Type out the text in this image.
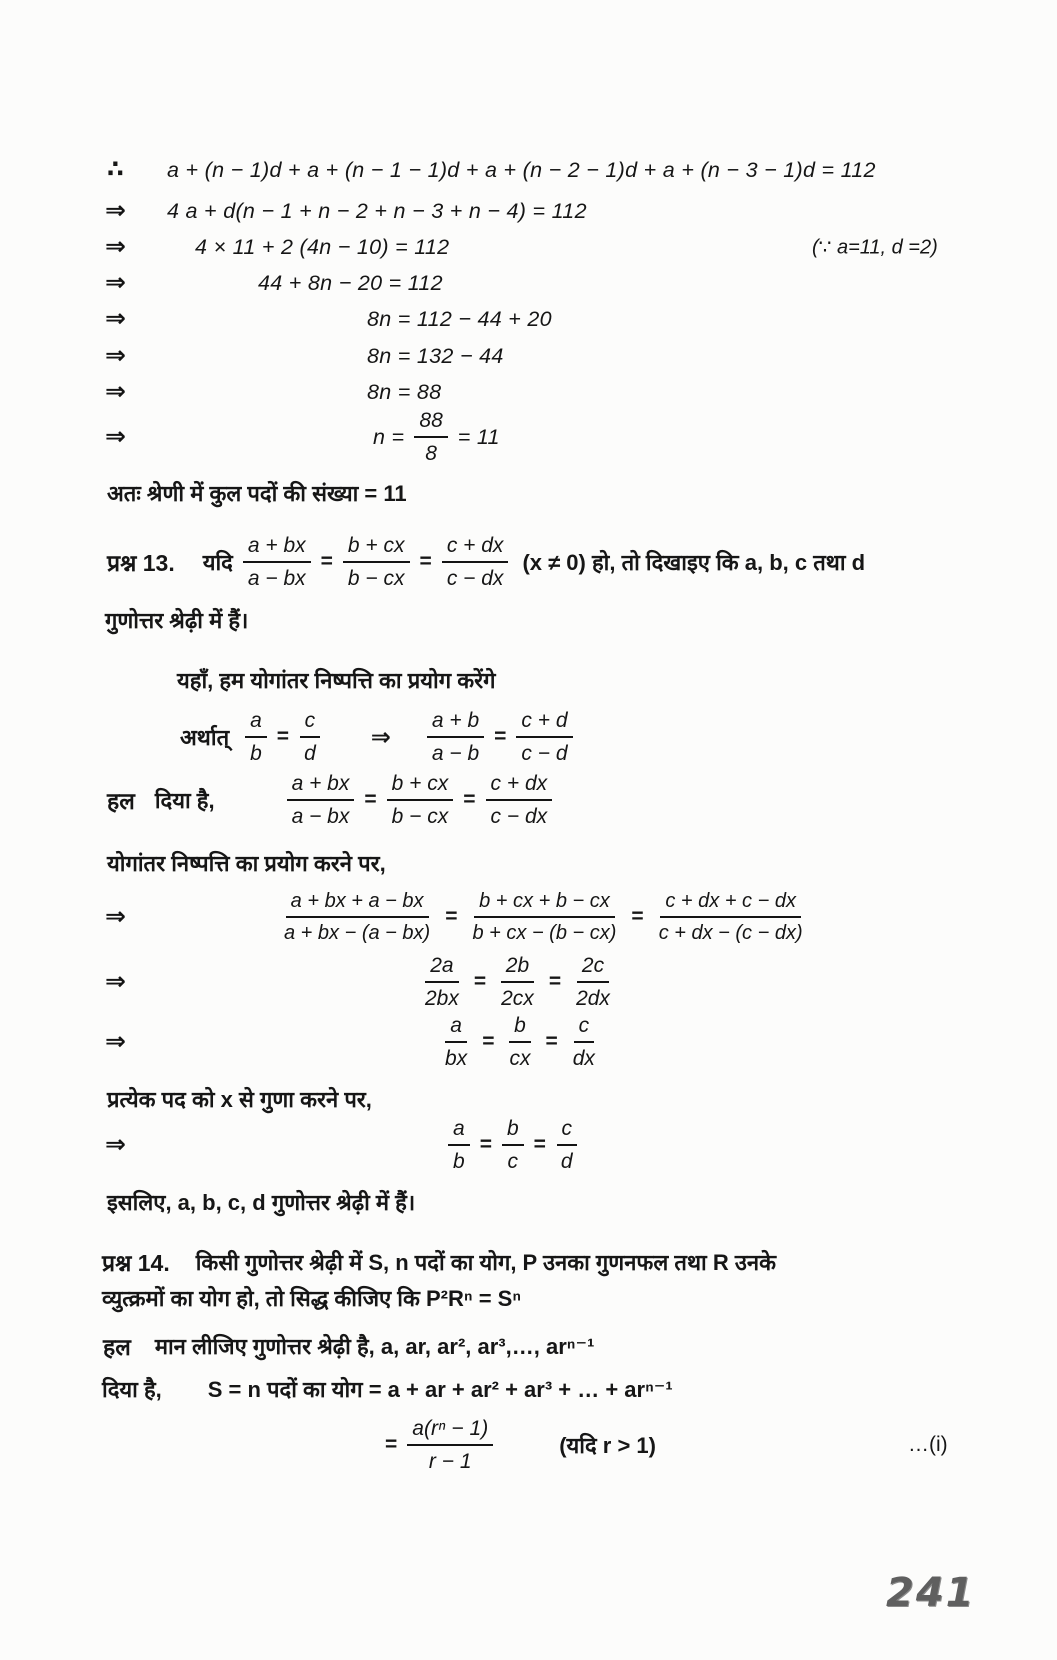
∴ a + (n − 1)d + a + (n − 1 − 1)d + a + (n − 2 − 1)d + a + (n − 3 − 1)d = 112
⇒ 4 a + d(n − 1 + n − 2 + n − 3 + n − 4) = 112
⇒	4 × 11 + 2 (4n − 10) = 112	(∵ a=11, d =2)
⇒	44 + 8n − 20 = 112
⇒	8n = 112 − 44 + 20
⇒	8n = 132 − 44
⇒	8n = 88
⇒	$n = \frac{88}{8} = 11$
अतः श्रेणी में कुल पदों की संख्या = 11
प्रश्न 13. यदि $\frac{a + bx}{a - bx} = \frac{b + cx}{b - cx} = \frac{c + dx}{c - dx} (x \ne 0)$ हो, तो दिखाइए कि a, b, c तथा d
गुणोत्तर श्रेढ़ी में हैं।
यहाँ, हम योगांतर निष्पत्ति का प्रयोग करेंगे
अर्थात् $\frac{a}{b} = \frac{c}{d}$ ⇒ $\frac{a + b}{a - b} = \frac{c + d}{c - d}$
हल दिया है,	$\frac{a + bx}{a - bx} = \frac{b + cx}{b - cx} = \frac{c + dx}{c - dx}$
योगांतर निष्पत्ति का प्रयोग करने पर,
⇒	$\frac{a + bx + a - bx}{a + bx - (a - bx)} = \frac{b + cx + b - cx}{b + cx - (b - cx)} = \frac{c + dx + c - dx}{c + dx - (c - dx)}$
⇒	$\frac{2a}{2bx} = \frac{2b}{2cx} = \frac{2c}{2dx}$
⇒	$\frac{a}{bx} = \frac{b}{cx} = \frac{c}{dx}$
प्रत्येक पद को x से गुणा करने पर,
⇒	$\frac{a}{b} = \frac{b}{c} = \frac{c}{d}$
इसलिए, a, b, c, d गुणोत्तर श्रेढ़ी में हैं।
प्रश्न 14. किसी गुणोत्तर श्रेढ़ी में S, n पदों का योग, P उनका गुणनफल तथा R उनके
व्युत्क्रमों का योग हो, तो सिद्ध कीजिए कि P²Rⁿ = Sⁿ
हल मान लीजिए गुणोत्तर श्रेढ़ी है, a, ar, ar², ar³,…, arⁿ⁻¹
दिया है, S = n पदों का योग = a + ar + ar² + ar³ + … + arⁿ⁻¹
= $\frac{\text{a(rⁿ − 1)}}{r - 1}$	(यदि r > 1)	…(i)
241
